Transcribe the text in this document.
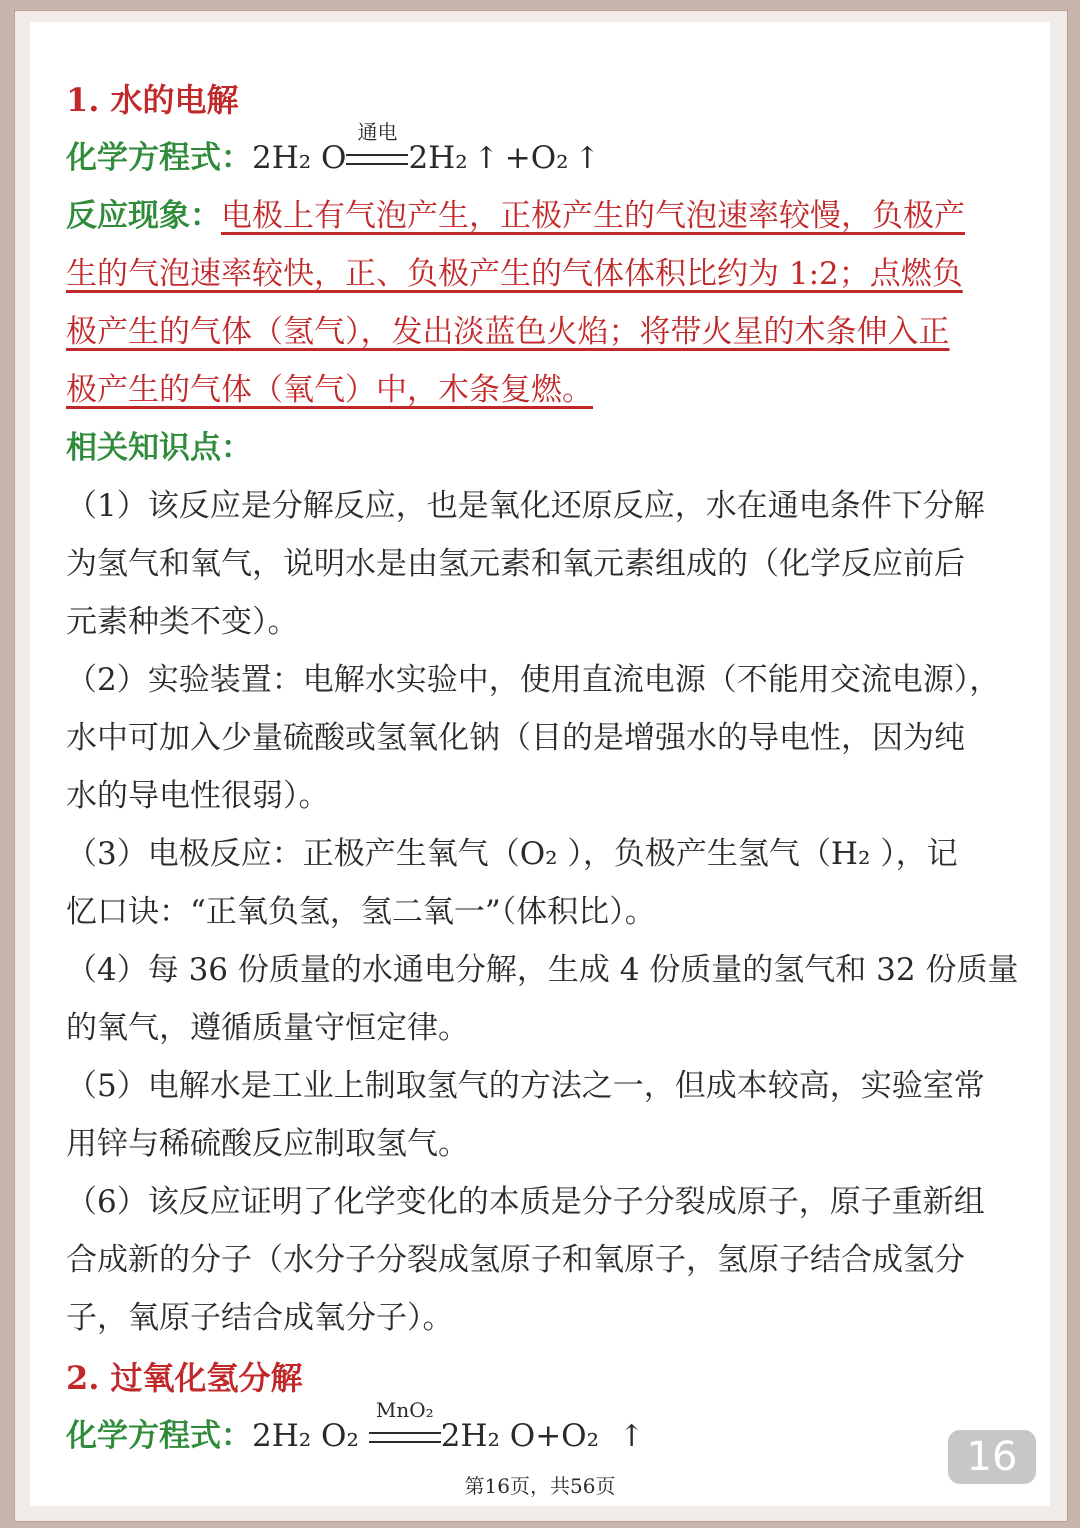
1. 水的电解
化学方程式：2H₂ O
通电
2H₂ ↑ +O₂ ↑
反应现象：电极上有气泡产生，正极产生的气泡速率较慢，负极产
生的气泡速率较快，正、负极产生的气体体积比约为 1:2；点燃负
极产生的气体（氢气），发出淡蓝色火焰；将带火星的木条伸入正
极产生的气体（氧气）中，木条复燃。
相关知识点：
（1）该反应是分解反应，也是氧化还原反应，水在通电条件下分解
为氢气和氧气，说明水是由氢元素和氧元素组成的（化学反应前后
元素种类不变）。
（2）实验装置：电解水实验中，使用直流电源（不能用交流电源），
水中可加入少量硫酸或氢氧化钠（目的是增强水的导电性，因为纯
水的导电性很弱）。
（3）电极反应：正极产生氧气（O₂ ），负极产生氢气（H₂ ），记
忆口诀：“正氧负氢，氢二氧一”（体积比）。
（4）每 36 份质量的水通电分解，生成 4 份质量的氢气和 32 份质量
的氧气，遵循质量守恒定律。
（5）电解水是工业上制取氢气的方法之一，但成本较高，实验室常
用锌与稀硫酸反应制取氢气。
（6）该反应证明了化学变化的本质是分子分裂成原子，原子重新组
合成新的分子（水分子分裂成氢原子和氧原子，氢原子结合成氢分
子，氧原子结合成氧分子）。
2. 过氧化氢分解
化学方程式：2H₂ O₂
MnO₂
2H₂ O+O₂ ↑	16
第16页，共56页
